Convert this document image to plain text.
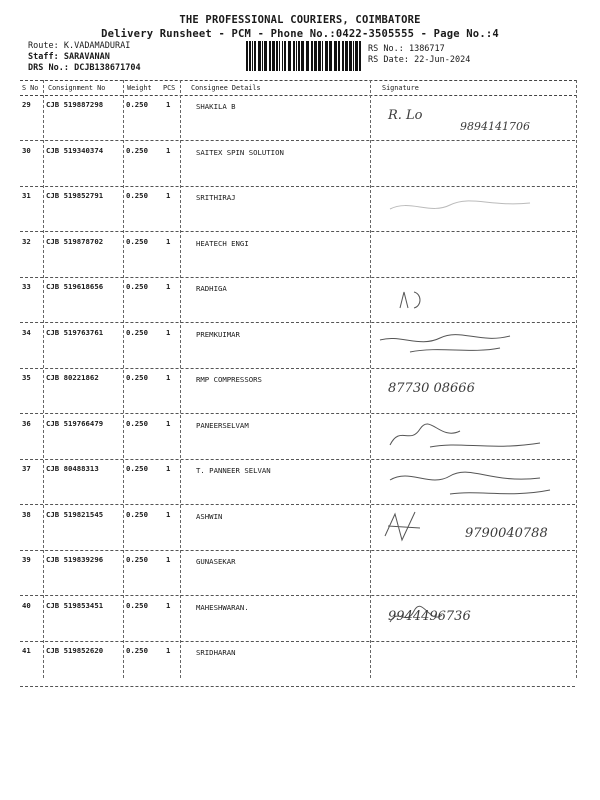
THE PROFESSIONAL COURIERS, COIMBATORE
Delivery Runsheet - PCM - Phone No.:0422-3505555 - Page No.:4
Route: K.VADAMADURAI
Staff: SARAVANAN
DRS No.: DCJB138671704
RS No.: 1386717
RS Date: 22-Jun-2024
S No Consignment No	Weight PCS Consignee Details	Signature
29 CJB 519887298	0.250 1	SHAKILA B
R. Lo
9894141706
30 CJB 519340374	0.250 1	SAITEX SPIN SOLUTION
31 CJB 519852791	0.250 1	SRITHIRAJ
32 CJB 519878702	0.250 1	HEATECH ENGI
33 CJB 519618656	0.250 1	RADHIGA
34 CJB 519763761	0.250 1	PREMKUIMAR
35 CJB 80221862	0.250 1	RMP COMPRESSORS
87730 08666
36 CJB 519766479	0.250 1	PANEERSELVAM
37 CJB 80488313	0.250 1	T. PANNEER SELVAN
38 CJB 519821545	0.250 1	ASHWIN
9790040788
39 CJB 519839296	0.250 1	GUNASEKAR
40 CJB 519853451	0.250 1	MAHESHWARAN.
9944496736
41 CJB 519852620	0.250 1	SRIDHARAN
